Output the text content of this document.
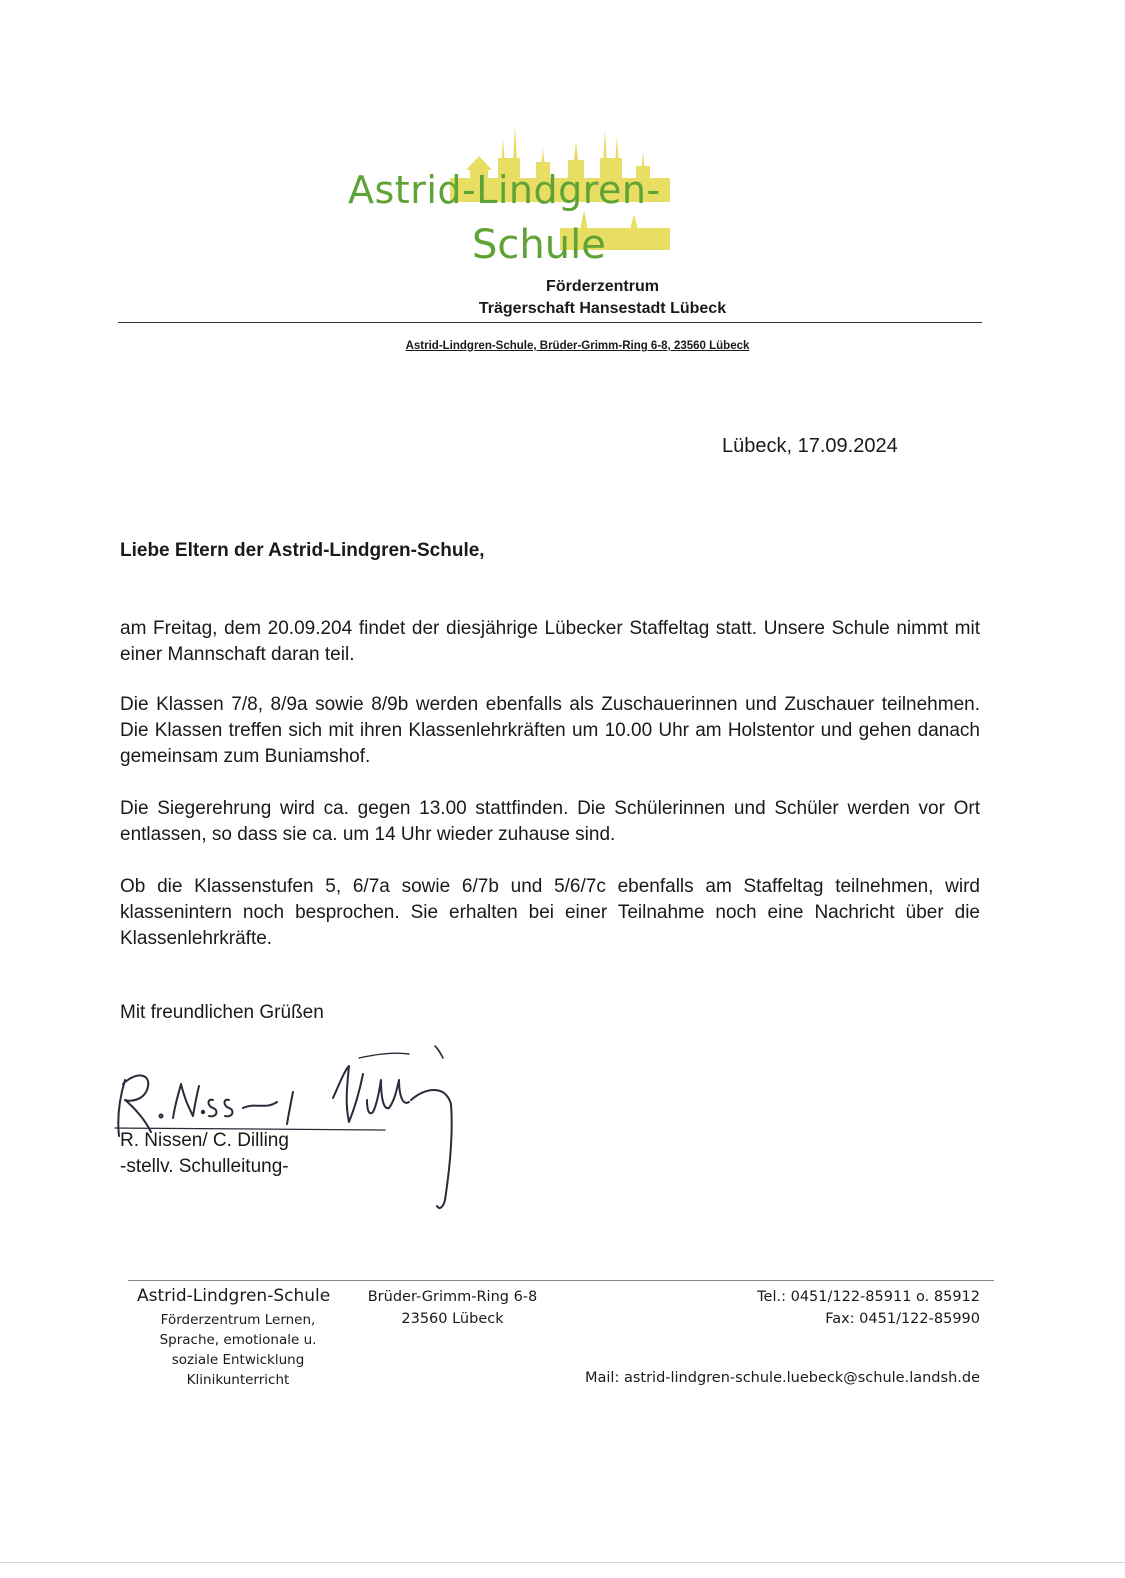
Astrid-Lindgren-
Schule
Förderzentrum
Trägerschaft Hansestadt Lübeck
Astrid-Lindgren-Schule, Brüder-Grimm-Ring 6-8, 23560 Lübeck
Lübeck, 17.09.2024
Liebe Eltern der Astrid-Lindgren-Schule,

am Freitag, dem 20.09.204 findet der diesjährige Lübecker Staffeltag statt. Unsere Schule nimmt mit einer Mannschaft daran teil.

Die Klassen 7/8, 8/9a sowie 8/9b werden ebenfalls als Zuschauerinnen und Zuschauer teilnehmen. Die Klassen treffen sich mit ihren Klassenlehrkräften um 10.00 Uhr am Holstentor und gehen danach gemeinsam zum Buniamshof.

Die Siegerehrung wird ca. gegen 13.00 stattfinden. Die Schülerinnen und Schüler werden vor Ort entlassen, so dass sie ca. um 14 Uhr wieder zuhause sind.

Ob die Klassenstufen 5, 6/7a sowie 6/7b und 5/6/7c ebenfalls am Staffeltag teilnehmen, wird klassenintern noch besprochen. Sie erhalten bei einer Teilnahme noch eine Nachricht über die Klassenlehrkräfte.

Mit freundlichen Grüßen
R. Nissen/ C. Dilling
-stellv. Schulleitung-
Astrid-Lindgren-Schule
Förderzentrum Lernen,
Sprache, emotionale u.
soziale Entwicklung
Klinikunterricht
Brüder-Grimm-Ring 6-8
23560 Lübeck
Tel.: 0451/122-85911 o. 85912
Fax: 0451/122-85990
Mail: astrid-lindgren-schule.luebeck@schule.landsh.de
